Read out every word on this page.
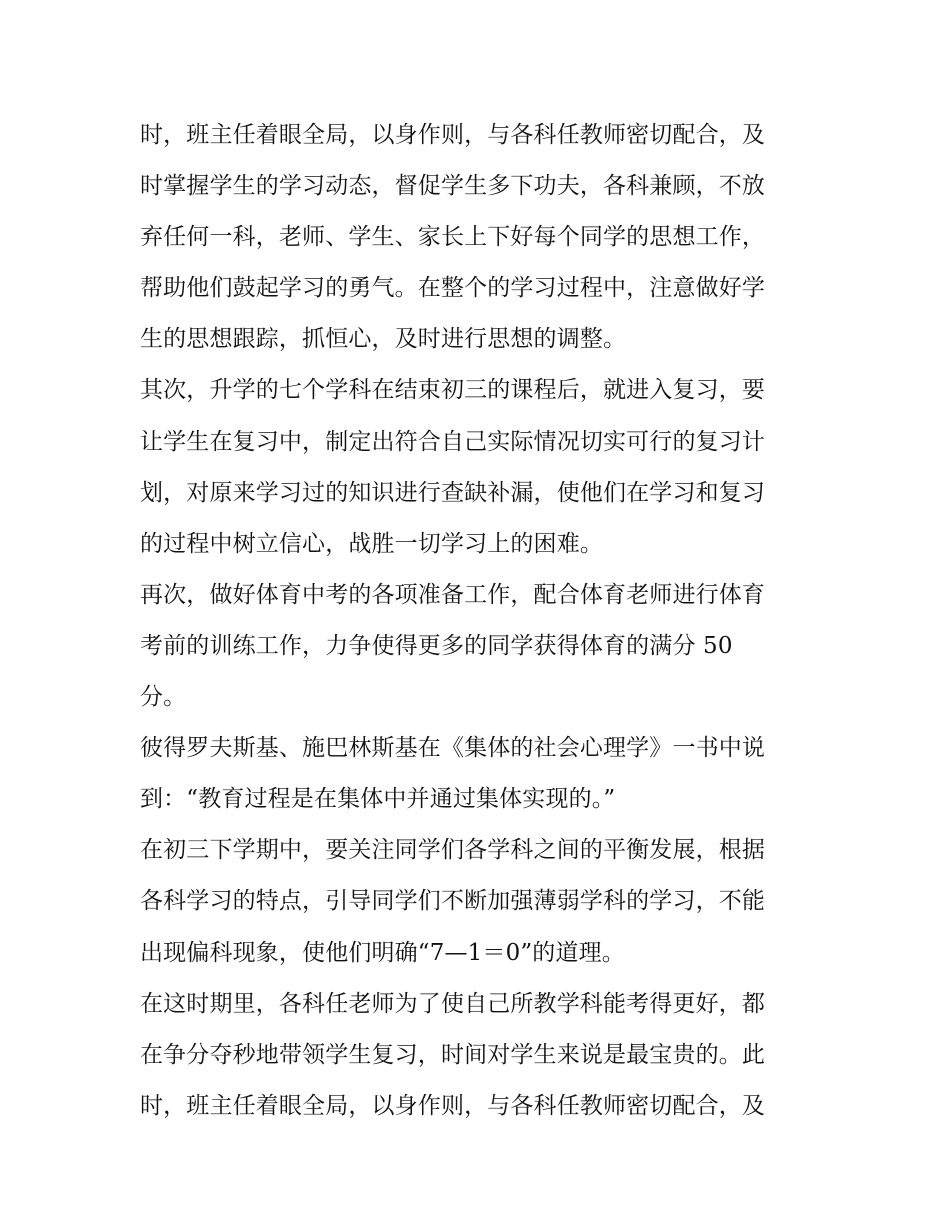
时，班主任着眼全局，以身作则，与各科任教师密切配合，及
时掌握学生的学习动态，督促学生多下功夫，各科兼顾，不放
弃任何一科，老师、学生、家长上下好每个同学的思想工作，
帮助他们鼓起学习的勇气。在整个的学习过程中，注意做好学
生的思想跟踪，抓恒心，及时进行思想的调整。
其次，升学的七个学科在结束初三的课程后，就进入复习，要
让学生在复习中，制定出符合自己实际情况切实可行的复习计
划，对原来学习过的知识进行查缺补漏，使他们在学习和复习
的过程中树立信心，战胜一切学习上的困难。
再次，做好体育中考的各项准备工作，配合体育老师进行体育
考前的训练工作，力争使得更多的同学获得体育的满分 50
分。
彼得罗夫斯基、施巴林斯基在《集体的社会心理学》一书中说
到：“教育过程是在集体中并通过集体实现的。”
在初三下学期中，要关注同学们各学科之间的平衡发展，根据
各科学习的特点，引导同学们不断加强薄弱学科的学习，不能
出现偏科现象，使他们明确“7—1＝0”的道理。
在这时期里，各科任老师为了使自己所教学科能考得更好，都
在争分夺秒地带领学生复习，时间对学生来说是最宝贵的。此
时，班主任着眼全局，以身作则，与各科任教师密切配合，及
